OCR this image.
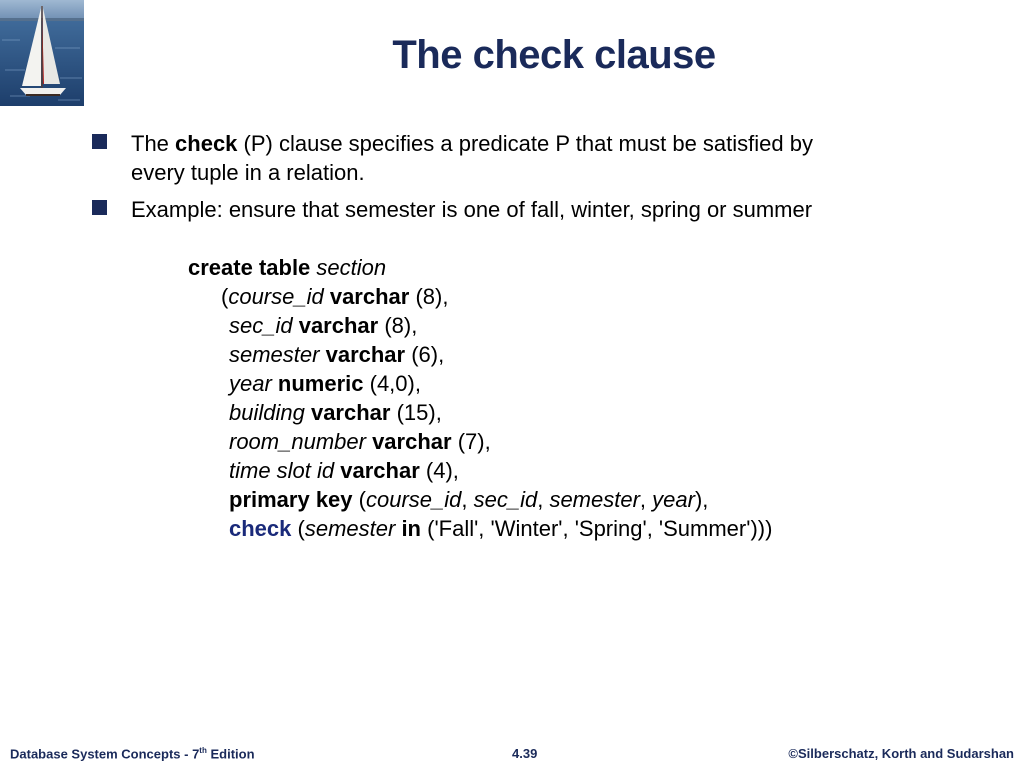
The check clause
The check (P) clause specifies a predicate P that must be satisfied by
every tuple in a relation.
Example: ensure that semester is one of fall, winter, spring or summer
create table section
(course_id varchar (8),
sec_id varchar (8),
semester varchar (6),
year numeric (4,0),
building varchar (15),
room_number varchar (7),
time slot id varchar (4),
primary key (course_id, sec_id, semester, year),
check (semester in ('Fall', 'Winter', 'Spring', 'Summer')))
Database System Concepts - 7th Edition	4.39	©Silberschatz, Korth and Sudarshan
